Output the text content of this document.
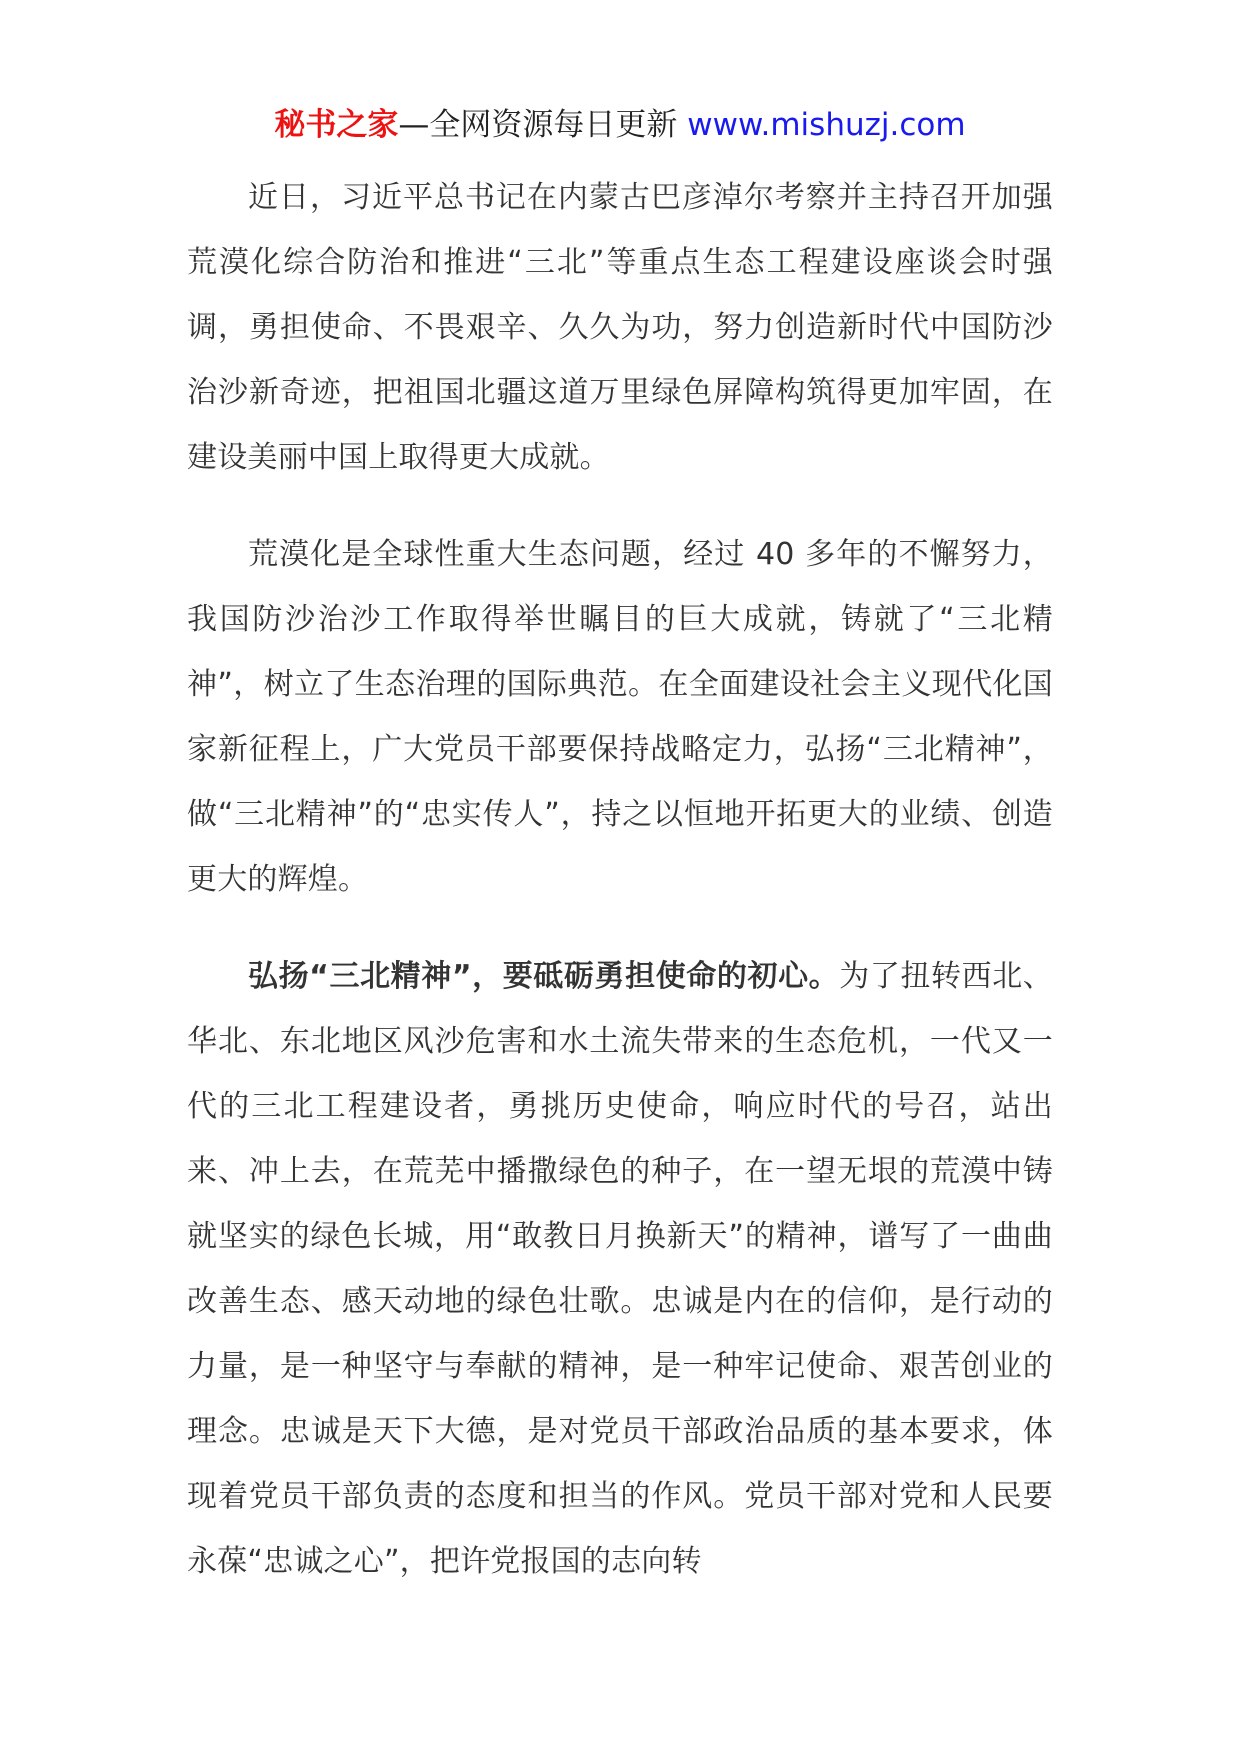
秘书之家—全网资源每日更新 www.mishuzj.com

近日，习近平总书记在内蒙古巴彦淖尔考察并主持召开加强荒漠化综合防治和推进“三北”等重点生态工程建设座谈会时强调，勇担使命、不畏艰辛、久久为功，努力创造新时代中国防沙治沙新奇迹，把祖国北疆这道万里绿色屏障构筑得更加牢固，在建设美丽中国上取得更大成就。

荒漠化是全球性重大生态问题，经过 40 多年的不懈努力，我国防沙治沙工作取得举世瞩目的巨大成就，铸就了“三北精神”，树立了生态治理的国际典范。在全面建设社会主义现代化国家新征程上，广大党员干部要保持战略定力，弘扬“三北精神”，做“三北精神”的“忠实传人”，持之以恒地开拓更大的业绩、创造更大的辉煌。

弘扬“三北精神”，要砥砺勇担使命的初心。为了扭转西北、华北、东北地区风沙危害和水土流失带来的生态危机，一代又一代的三北工程建设者，勇挑历史使命，响应时代的号召，站出来、冲上去，在荒芜中播撒绿色的种子，在一望无垠的荒漠中铸就坚实的绿色长城，用“敢教日月换新天”的精神，谱写了一曲曲改善生态、感天动地的绿色壮歌。忠诚是内在的信仰，是行动的力量，是一种坚守与奉献的精神，是一种牢记使命、艰苦创业的理念。忠诚是天下大德，是对党员干部政治品质的基本要求，体现着党员干部负责的态度和担当的作风。党员干部对党和人民要永葆“忠诚之心”，把许党报国的志向转
